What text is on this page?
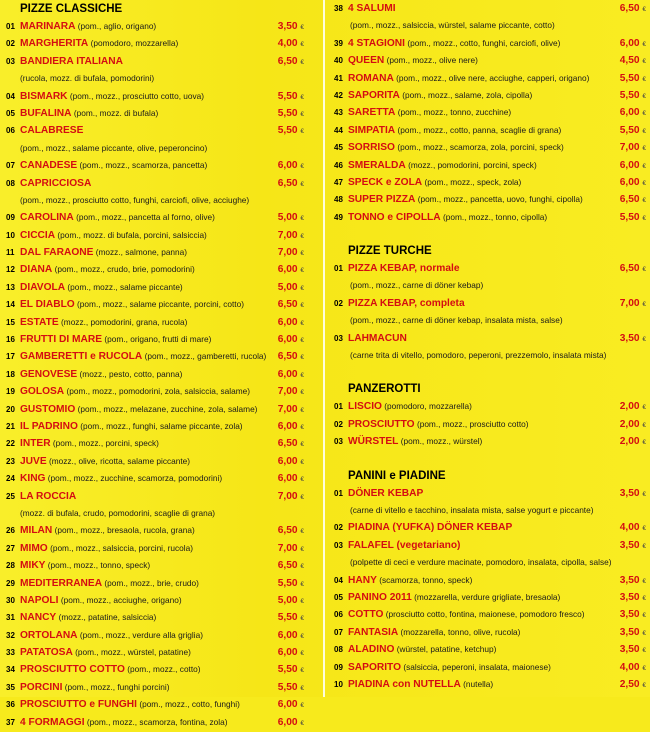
PIZZE CLASSICHE
01 MARINARA (pom., aglio, origano)	3,50 €
02 MARGHERITA (pomodoro, mozzarella)	4,00 €
03 BANDIERA ITALIANA	6,50 €
(rucola, mozz. di bufala, pomodorini)
04 BISMARK (pom., mozz., prosciutto cotto, uova)	5,50 €
05 BUFALINA (pom., mozz. di bufala)	5,50 €
06 CALABRESE	5,50 €
(pom., mozz., salame piccante, olive, peperoncino)
07 CANADESE (pom., mozz., scamorza, pancetta)	6,00 €
08 CAPRICCIOSA	6,50 €
(pom., mozz., prosciutto cotto, funghi, carciofi, olive, acciughe)
09 CAROLINA (pom., mozz., pancetta al forno, olive)	5,00 €
10 CICCIA (pom., mozz. di bufala, porcini, salsiccia)	7,00 €
11 DAL FARAONE (mozz., salmone, panna)	7,00 €
12 DIANA (pom., mozz., crudo, brie, pomodorini)	6,00 €
13 DIAVOLA (pom., mozz., salame piccante)	5,00 €
14 EL DIABLO (pom., mozz., salame piccante, porcini, cotto)	6,50 €
15 ESTATE (mozz., pomodorini, grana, rucola)	6,00 €
16 FRUTTI DI MARE (pom., origano, frutti di mare)	6,00 €
17 GAMBERETTI e RUCOLA (pom., mozz., gamberetti, rucola) 6,50 €
18 GENOVESE (mozz., pesto, cotto, panna)	6,00 €
19 GOLOSA (pom., mozz., pomodorini, zola, salsiccia, salame)	7,00 €
20 GUSTOMIO (pom., mozz., melazane, zucchine, zola, salame) 7,00 €
21 IL PADRINO (pom., mozz., funghi, salame piccante, zola)	6,00 €
22 INTER (pom., mozz., porcini, speck)	6,50 €
23 JUVE (mozz., olive, ricotta, salame piccante)	6,00 €
24 KING (pom., mozz., zucchine, scamorza, pomodorini)	6,00 €
25 LA ROCCIA	7,00 €
(mozz. di bufala, crudo, pomodorini, scaglie di grana)
26 MILAN (pom., mozz., bresaola, rucola, grana)	6,50 €
27 MIMO (pom., mozz., salsiccia, porcini, rucola)	7,00 €
28 MIKY (pom., mozz., tonno, speck)	6,50 €
29 MEDITERRANEA (pom., mozz., brie, crudo)	5,50 €
30 NAPOLI (pom., mozz., acciughe, origano)	5,00 €
31 NANCY (mozz., patatine, salsiccia)	5,50 €
32 ORTOLANA (pom., mozz., verdure alla griglia)	6,00 €
33 PATATOSA (pom., mozz., würstel, patatine)	6,00 €
34 PROSCIUTTO COTTO (pom., mozz., cotto)	5,50 €
35 PORCINI (pom., mozz., funghi porcini)	5,50 €
36 PROSCIUTTO e FUNGHI (pom., mozz., cotto, funghi)	6,00 €
37 4 FORMAGGI (pom., mozz., scamorza, fontina, zola)	6,00 €
38 4 SALUMI	6,50 €
(pom., mozz., salsiccia, würstel, salame piccante, cotto)
39 4 STAGIONI (pom., mozz., cotto, funghi, carciofi, olive)	6,00 €
40 QUEEN (pom., mozz., olive nere)	4,50 €
41 ROMANA (pom., mozz., olive nere, acciughe, capperi, origano)	5,50 €
42 SAPORITA (pom., mozz., salame, zola, cipolla)	5,50 €
43 SARETTA (pom., mozz., tonno, zucchine)	6,00 €
44 SIMPATIA (pom., mozz., cotto, panna, scaglie di grana)	5,50 €
45 SORRISO (pom., mozz., scamorza, zola, porcini, speck)	7,00 €
46 SMERALDA (mozz., pomodorini, porcini, speck)	6,00 €
47 SPECK e ZOLA (pom., mozz., speck, zola)	6,00 €
48 SUPER PIZZA (pom., mozz., pancetta, uovo, funghi, cipolla)	6,50 €
49 TONNO e CIPOLLA (pom., mozz., tonno, cipolla)	5,50 €
PIZZE TURCHE
01 PIZZA KEBAP, normale	6,50 €
(pom., mozz., carne di döner kebap)
02 PIZZA KEBAP, completa	7,00 €
(pom., mozz., carne di döner kebap, insalata mista, salse)
03 LAHMACUN	3,50 €
(carne trita di vitello, pomodoro, peperoni, prezzemolo, insalata mista)
PANZEROTTI
01 LISCIO (pomodoro, mozzarella)	2,00 €
02 PROSCIUTTO (pom., mozz., prosciutto cotto)	2,00 €
03 WÜRSTEL (pom., mozz., würstel)	2,00 €
PANINI e PIADINE
01 DÖNER KEBAP	3,50 €
(carne di vitello e tacchino, insalata mista, salse yogurt e piccante)
02 PIADINA (YUFKA) DÖNER KEBAP	4,00 €
03 FALAFEL (vegetariano)	3,50 €
(polpette di ceci e verdure macinate, pomodoro, insalata, cipolla, salse)
04 HANY (scamorza, tonno, speck)	3,50 €
05 PANINO 2011 (mozzarella, verdure grigliate, bresaola)	3,50 €
06 COTTO (prosciutto cotto, fontina, maionese, pomodoro fresco)	3,50 €
07 FANTASIA (mozzarella, tonno, olive, rucola)	3,50 €
08 ALADINO (würstel, patatine, ketchup)	3,50 €
09 SAPORITO (salsiccia, peperoni, insalata, maionese)	4,00 €
10 PIADINA con NUTELLA (nutella)	2,50 €
